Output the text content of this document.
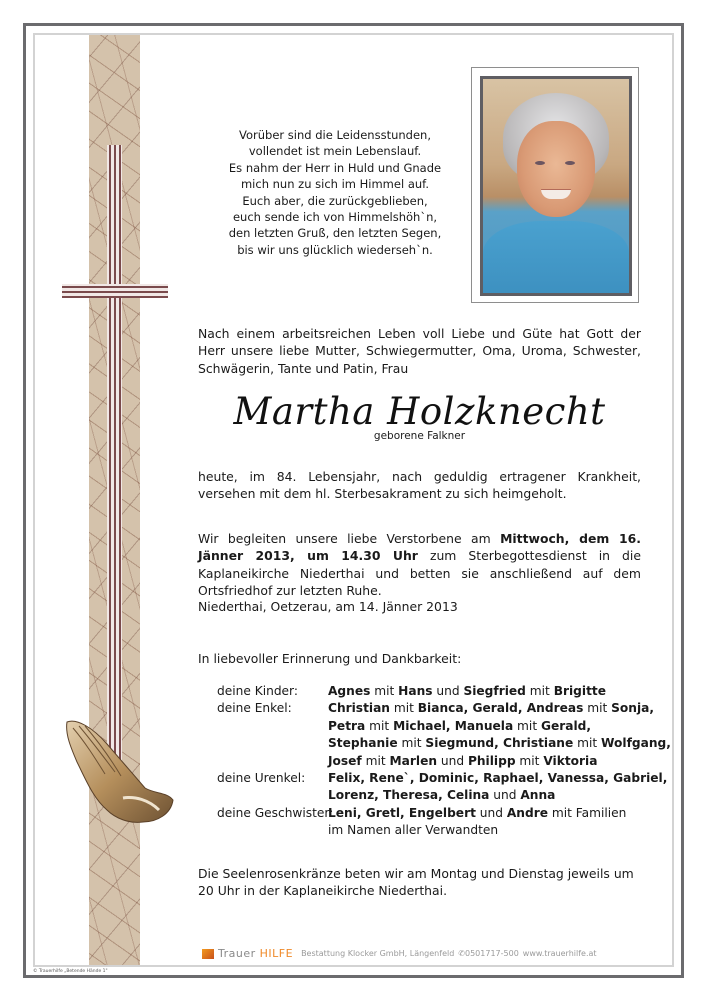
Vorüber sind die Leidensstunden,
vollendet ist mein Lebenslauf.
Es nahm der Herr in Huld und Gnade
mich nun zu sich im Himmel auf.
Euch aber, die zurückgeblieben,
euch sende ich von Himmelshöh`n,
den letzten Gruß, den letzten Segen,
bis wir uns glücklich wiederseh`n.
Nach einem arbeitsreichen Leben voll Liebe und Güte hat Gott der Herr unsere liebe Mutter, Schwiegermutter, Oma, Uroma, Schwester, Schwägerin, Tante und Patin, Frau
Martha Holzknecht
geborene Falkner
heute, im 84. Lebensjahr, nach geduldig ertragener Krankheit, versehen mit dem hl. Sterbesakrament zu sich heimgeholt.
Wir begleiten unsere liebe Verstorbene am Mittwoch, dem 16. Jänner 2013, um 14.30 Uhr zum Sterbegottesdienst in die Kaplaneikirche Niederthai und betten sie anschließend auf dem Ortsfriedhof zur letzten Ruhe.
Niederthai, Oetzerau, am 14. Jänner 2013
In liebevoller Erinnerung und Dankbarkeit:
deine Kinder:	Agnes mit Hans und Siegfried mit Brigitte
deine Enkel:	Christian mit Bianca, Gerald, Andreas mit Sonja,
Petra mit Michael, Manuela mit Gerald,
Stephanie mit Siegmund, Christiane mit Wolfgang,
Josef mit Marlen und Philipp mit Viktoria
deine Urenkel:	Felix, Rene`, Dominic, Raphael, Vanessa, Gabriel,
Lorenz, Theresa, Celina und Anna
deine Geschwister:
Leni, Gretl, Engelbert und Andre mit Familien
im Namen aller Verwandten
Die Seelenrosenkränze beten wir am Montag und Dienstag jeweils um 20 Uhr in der Kaplaneikirche Niederthai.
Trauer HILFE Bestattung Klocker GmbH, Längenfeld ✆0501717-500 www.trauerhilfe.at
© Trauerhilfe „Betende Hände 1"
